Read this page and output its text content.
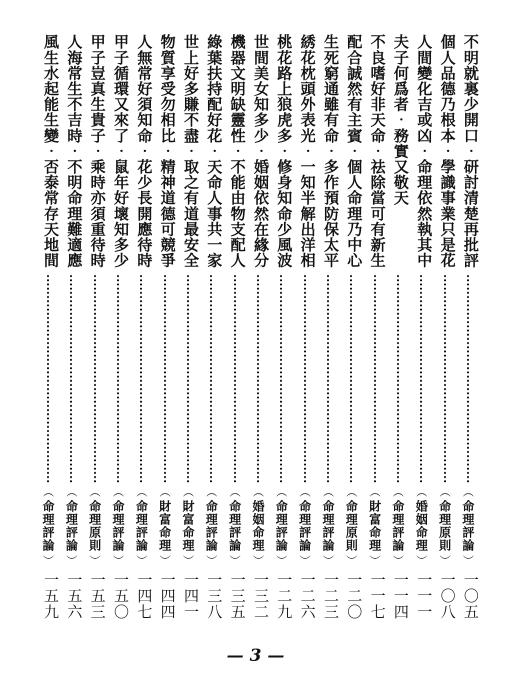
不明就裏少開口‧研討清楚再批評
（
命理評論
）
一〇五
個人品德乃根本‧學識事業只是花
（
命理原則
）
一〇八
人間變化吉或凶‧命理依然執其中
（
婚姻命理
）
一一一
夫子何爲者‧務實又敬天
（
命理評論
）
一一四
不良嗜好非天命‧祛除當可有新生
（
財富命理
）
一一七
配合誠然有主賓‧個人命理乃中心
（
命理原則
）
一二〇
生死窮通雖有命‧多作預防保太平
（
命理評論
）
一二三
綉花枕頭外表光‧一知半解出洋相
（
命理評論
）
一二六
桃花路上狼虎多‧修身知命少風波
（
命理評論
）
一二九
世間美女知多少‧婚姻依然在緣分
（
婚姻命理
）
一三二
機器文明缺靈性‧不能由物支配人
（
命理評論
）
一三五
綠葉扶持配好花‧天命人事共一家
（
命理評論
）
一三八
世上好多賺不盡‧取之有道最安全
（
財富命理
）
一四一
物質享受勿相比‧精神道德可競爭
（
財富命理
）
一四四
人無常好須知命‧花少長開應待時
（
命理評論
）
一四七
甲子循環又來了‧鼠年好壞知多少
（
命理評論
）
一五〇
甲子豈真生貴子‧乘時亦須重待時
（
命理原則
）
一五三
人海常生不吉時‧不明命理難適應
（
命理評論
）
一五六
風生水起能生變‧否泰常存天地間
（
命理評論
）
一五九
— 3 —
